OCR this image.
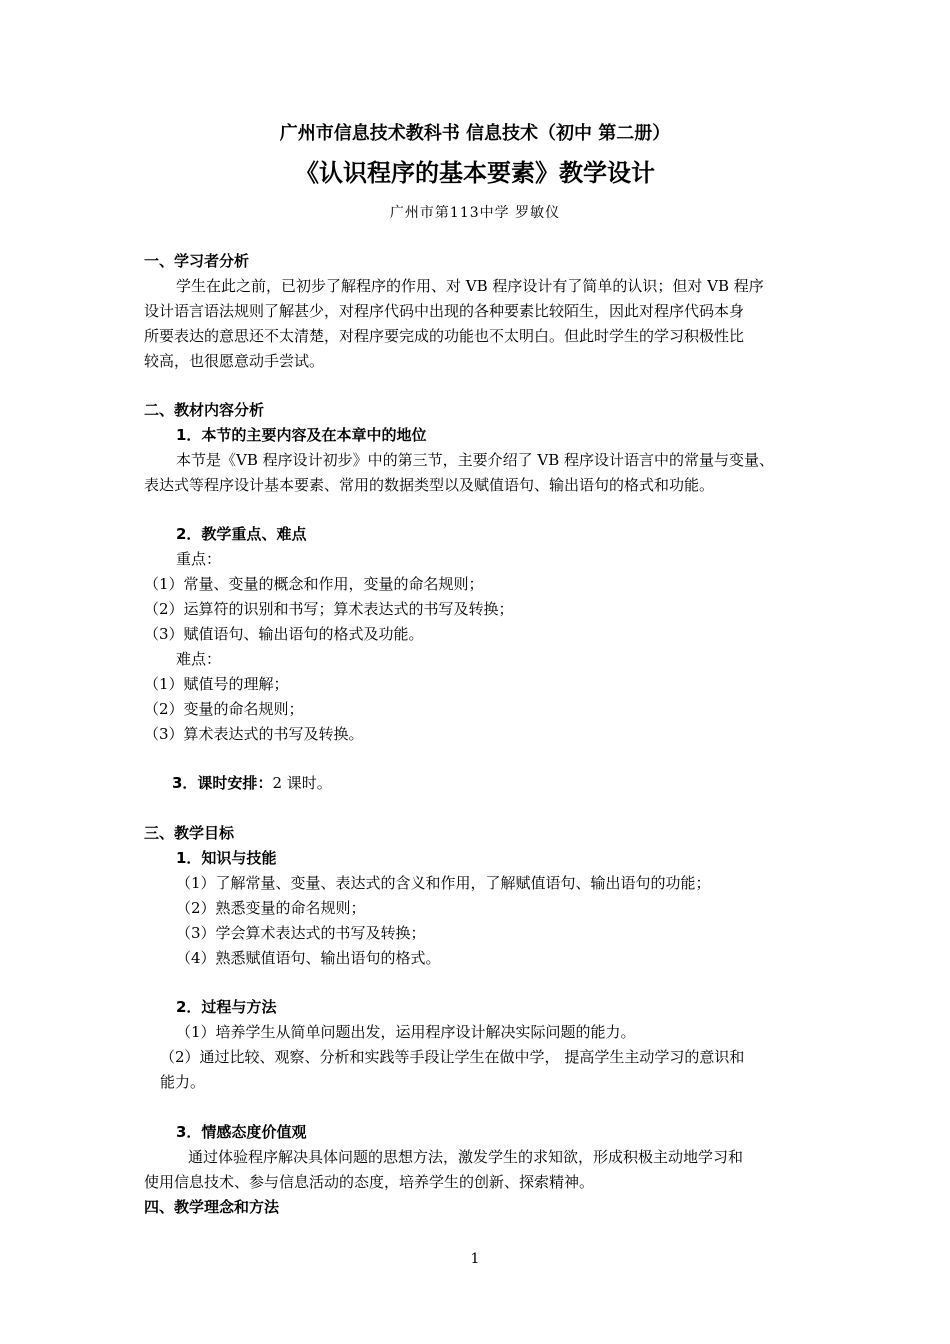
广州市信息技术教科书 信息技术（初中 第二册）
《认识程序的基本要素》教学设计
广州市第113中学 罗敏仪
一、学习者分析
学生在此之前，已初步了解程序的作用、对 VB 程序设计有了简单的认识；但对 VB 程序
设计语言语法规则了解甚少，对程序代码中出现的各种要素比较陌生，因此对程序代码本身
所要表达的意思还不太清楚，对程序要完成的功能也不太明白。但此时学生的学习积极性比
较高，也很愿意动手尝试。
二、教材内容分析
1．本节的主要内容及在本章中的地位
本节是《VB 程序设计初步》中的第三节，主要介绍了 VB 程序设计语言中的常量与变量、
表达式等程序设计基本要素、常用的数据类型以及赋值语句、输出语句的格式和功能。
2．教学重点、难点
重点：
（1）常量、变量的概念和作用，变量的命名规则；
（2）运算符的识别和书写；算术表达式的书写及转换；
（3）赋值语句、输出语句的格式及功能。
难点：
（1）赋值号的理解；
（2）变量的命名规则；
（3）算术表达式的书写及转换。
3．课时安排：2 课时。
三、教学目标
1．知识与技能
（1）了解常量、变量、表达式的含义和作用，了解赋值语句、输出语句的功能；
（2）熟悉变量的命名规则；
（3）学会算术表达式的书写及转换；
（4）熟悉赋值语句、输出语句的格式。
2．过程与方法
（1）培养学生从简单问题出发，运用程序设计解决实际问题的能力。
（2）通过比较、观察、分析和实践等手段让学生在做中学， 提高学生主动学习的意识和
能力。
3．情感态度价值观
通过体验程序解决具体问题的思想方法，激发学生的求知欲，形成积极主动地学习和
使用信息技术、参与信息活动的态度，培养学生的创新、探索精神。
四、教学理念和方法
1
